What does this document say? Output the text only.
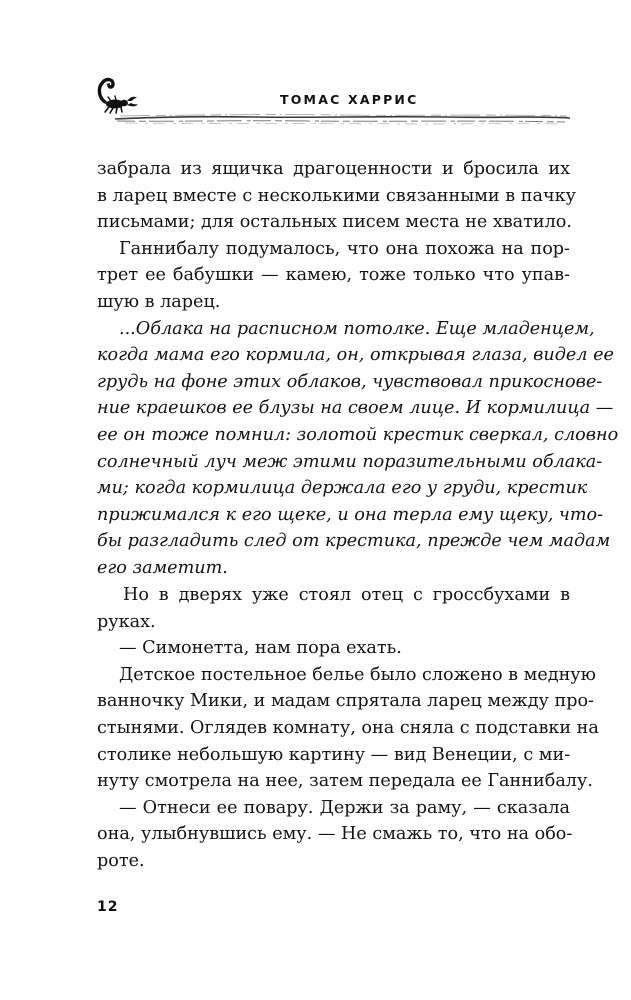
ТОМАС ХАРРИС
забрала из ящичка драгоценности и бросила их
в ларец вместе с несколькими связанными в пачку
письмами; для остальных писем места не хватило.
Ганнибалу подумалось, что она похожа на пор-
трет ее бабушки — камею, тоже только что упав-
шую в ларец.
...Облака на расписном потолке. Еще младенцем,
когда мама его кормила, он, открывая глаза, видел ее
грудь на фоне этих облаков, чувствовал прикоснове-
ние краешков ее блузы на своем лице. И кормилица —
ее он тоже помнил: золотой крестик сверкал, словно
солнечный луч меж этими поразительными облака-
ми; когда кормилица держала его у груди, крестик
прижимался к его щеке, и она терла ему щеку, что-
бы разгладить след от крестика, прежде чем мадам
его заметит.
Но в дверях уже стоял отец с гроссбухами в
руках.
— Симонетта, нам пора ехать.
Детское постельное белье было сложено в медную
ванночку Мики, и мадам спрятала ларец между про-
стынями. Оглядев комнату, она сняла с подставки на
столике небольшую картину — вид Венеции, с ми-
нуту смотрела на нее, затем передала ее Ганнибалу.
— Отнеси ее повару. Держи за раму, — сказала
она, улыбнувшись ему. — Не смажь то, что на обо-
роте.
12
